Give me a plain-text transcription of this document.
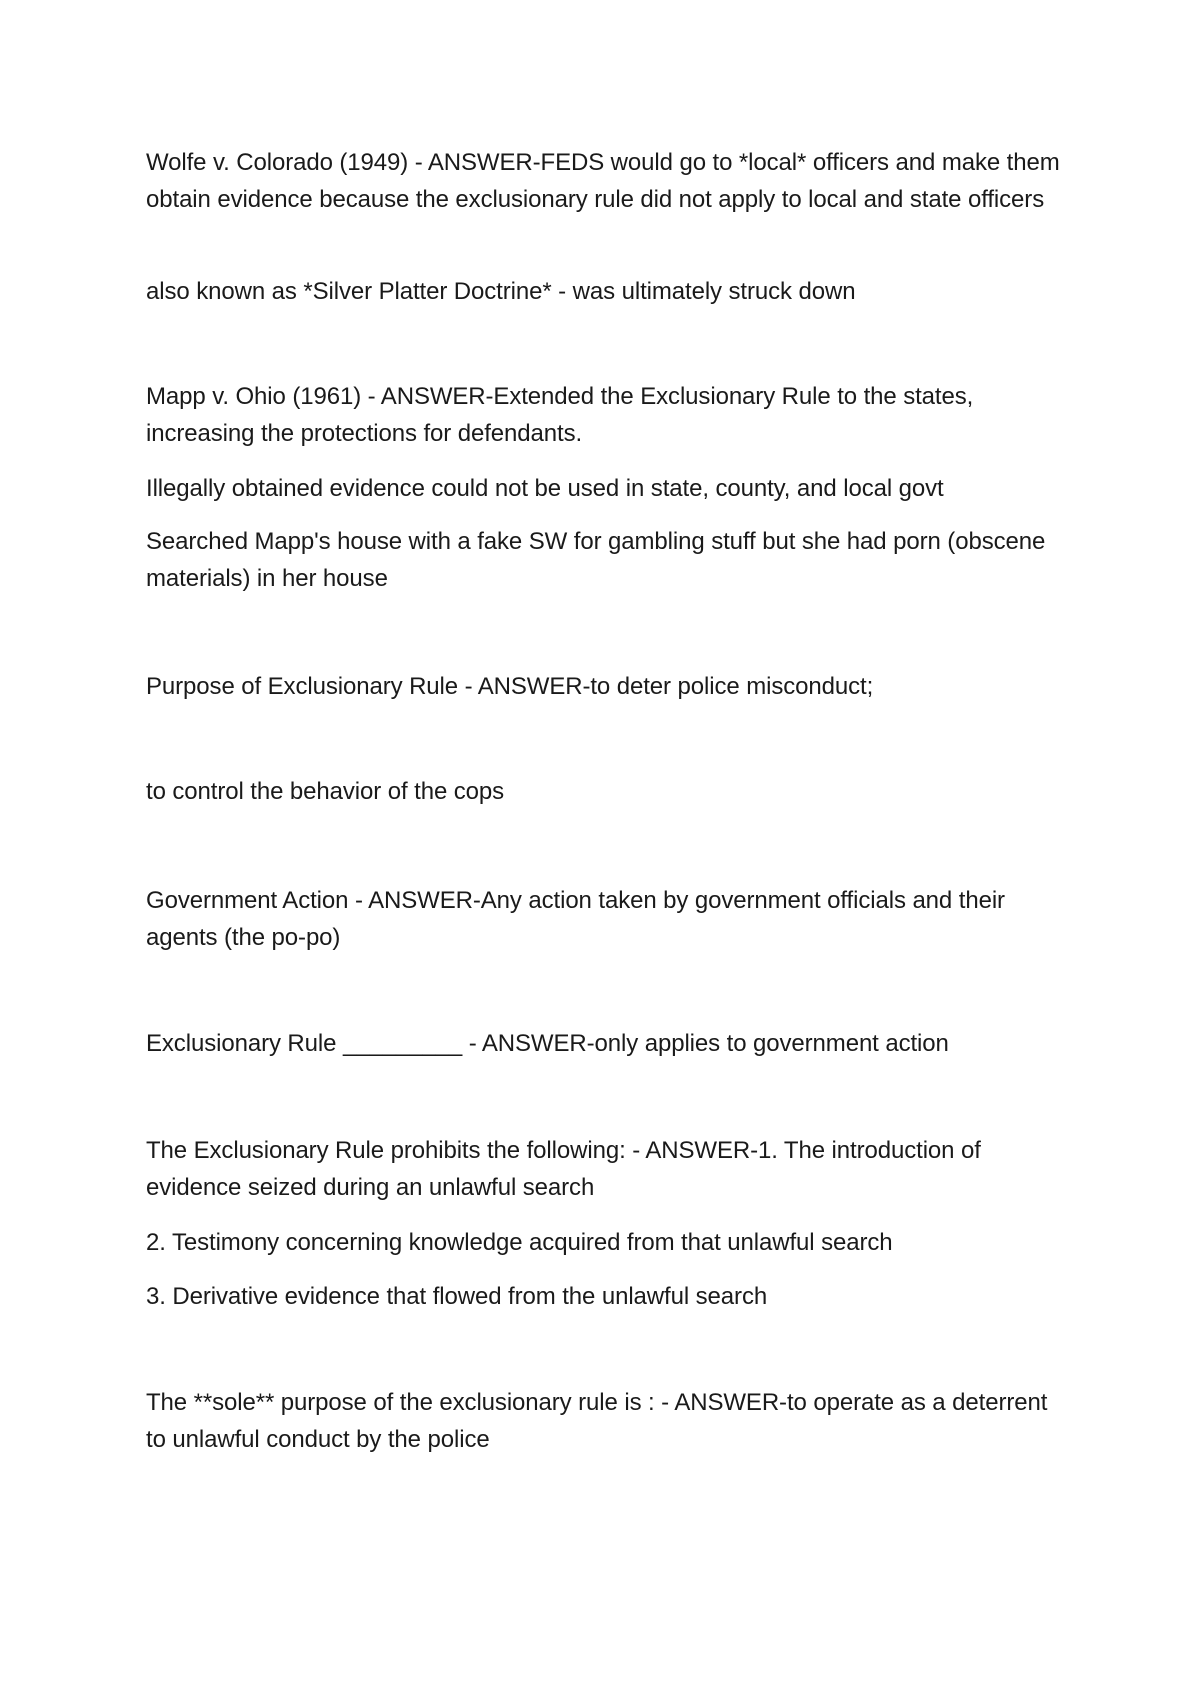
Wolfe v. Colorado (1949) - ANSWER-FEDS would go to *local* officers and make them obtain evidence because the exclusionary rule did not apply to local and state officers

also known as *Silver Platter Doctrine* - was ultimately struck down

Mapp v. Ohio (1961) - ANSWER-Extended the Exclusionary Rule to the states, increasing the protections for defendants.

Illegally obtained evidence could not be used in state, county, and local govt

Searched Mapp's house with a fake SW for gambling stuff but she had porn (obscene materials) in her house

Purpose of Exclusionary Rule - ANSWER-to deter police misconduct;

to control the behavior of the cops

Government Action - ANSWER-Any action taken by government officials and their agents (the po-po)

Exclusionary Rule _________ - ANSWER-only applies to government action

The Exclusionary Rule prohibits the following: - ANSWER-1. The introduction of evidence seized during an unlawful search

2. Testimony concerning knowledge acquired from that unlawful search

3. Derivative evidence that flowed from the unlawful search

The **sole** purpose of the exclusionary rule is : - ANSWER-to operate as a deterrent to unlawful conduct by the police
